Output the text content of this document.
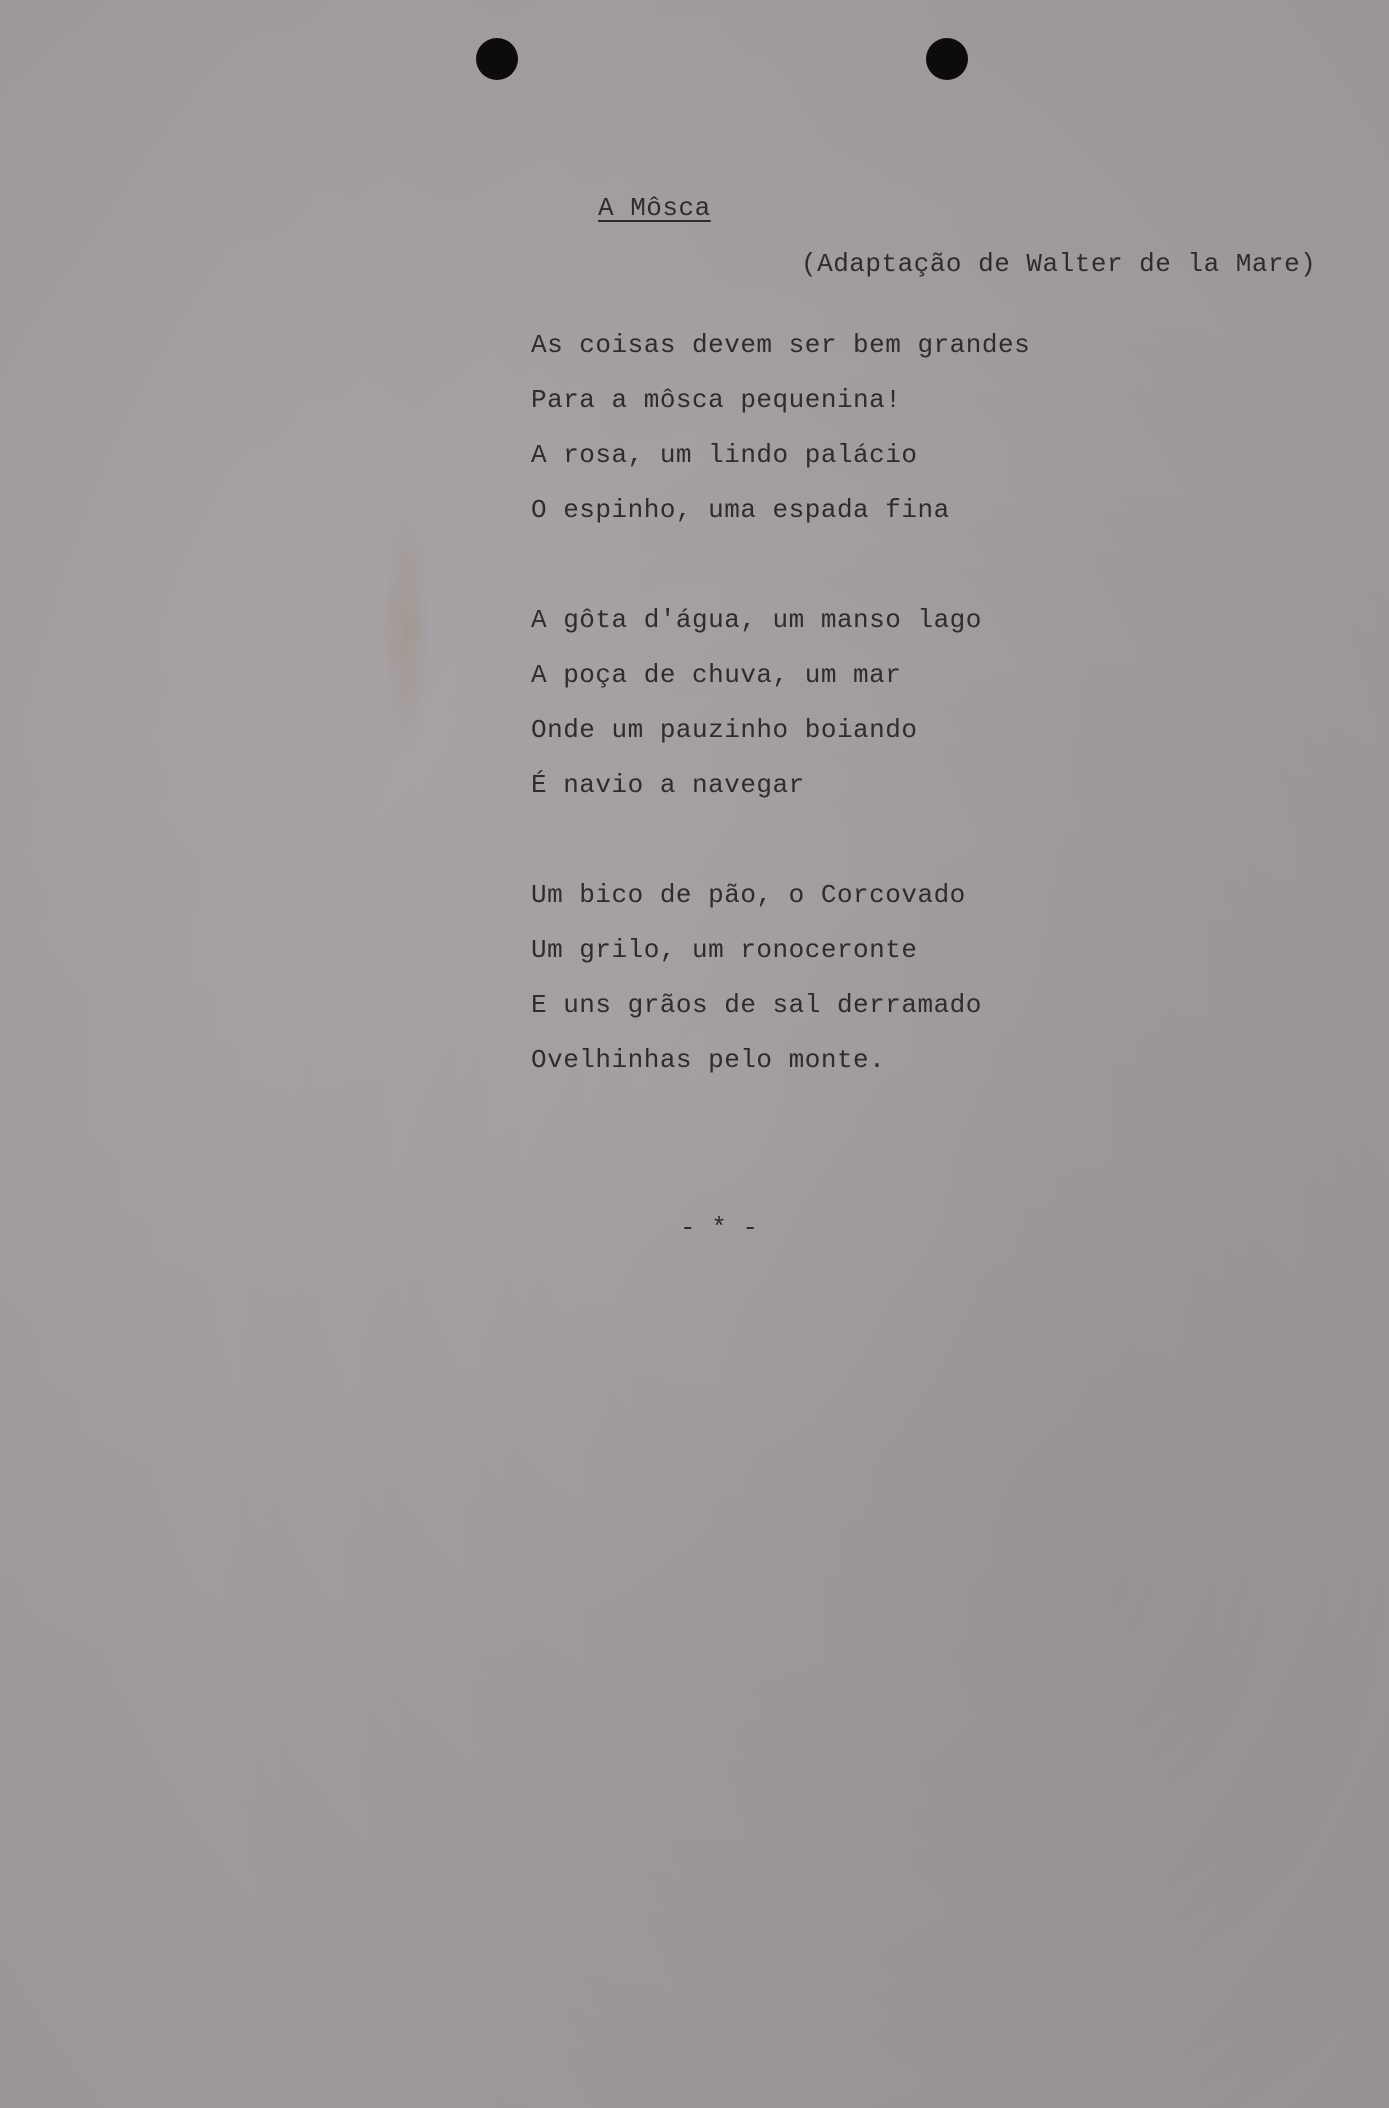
A Môsca
(Adaptação de Walter de la Mare)
As coisas devem ser bem grandes
Para a môsca pequenina!
A rosa, um lindo palácio
O espinho, uma espada fina
A gôta d'água, um manso lago
A poça de chuva, um mar
Onde um pauzinho boiando
É navio a navegar
Um bico de pão, o Corcovado
Um grilo, um ronoceronte
E uns grãos de sal derramado
Ovelhinhas pelo monte.
- * -
